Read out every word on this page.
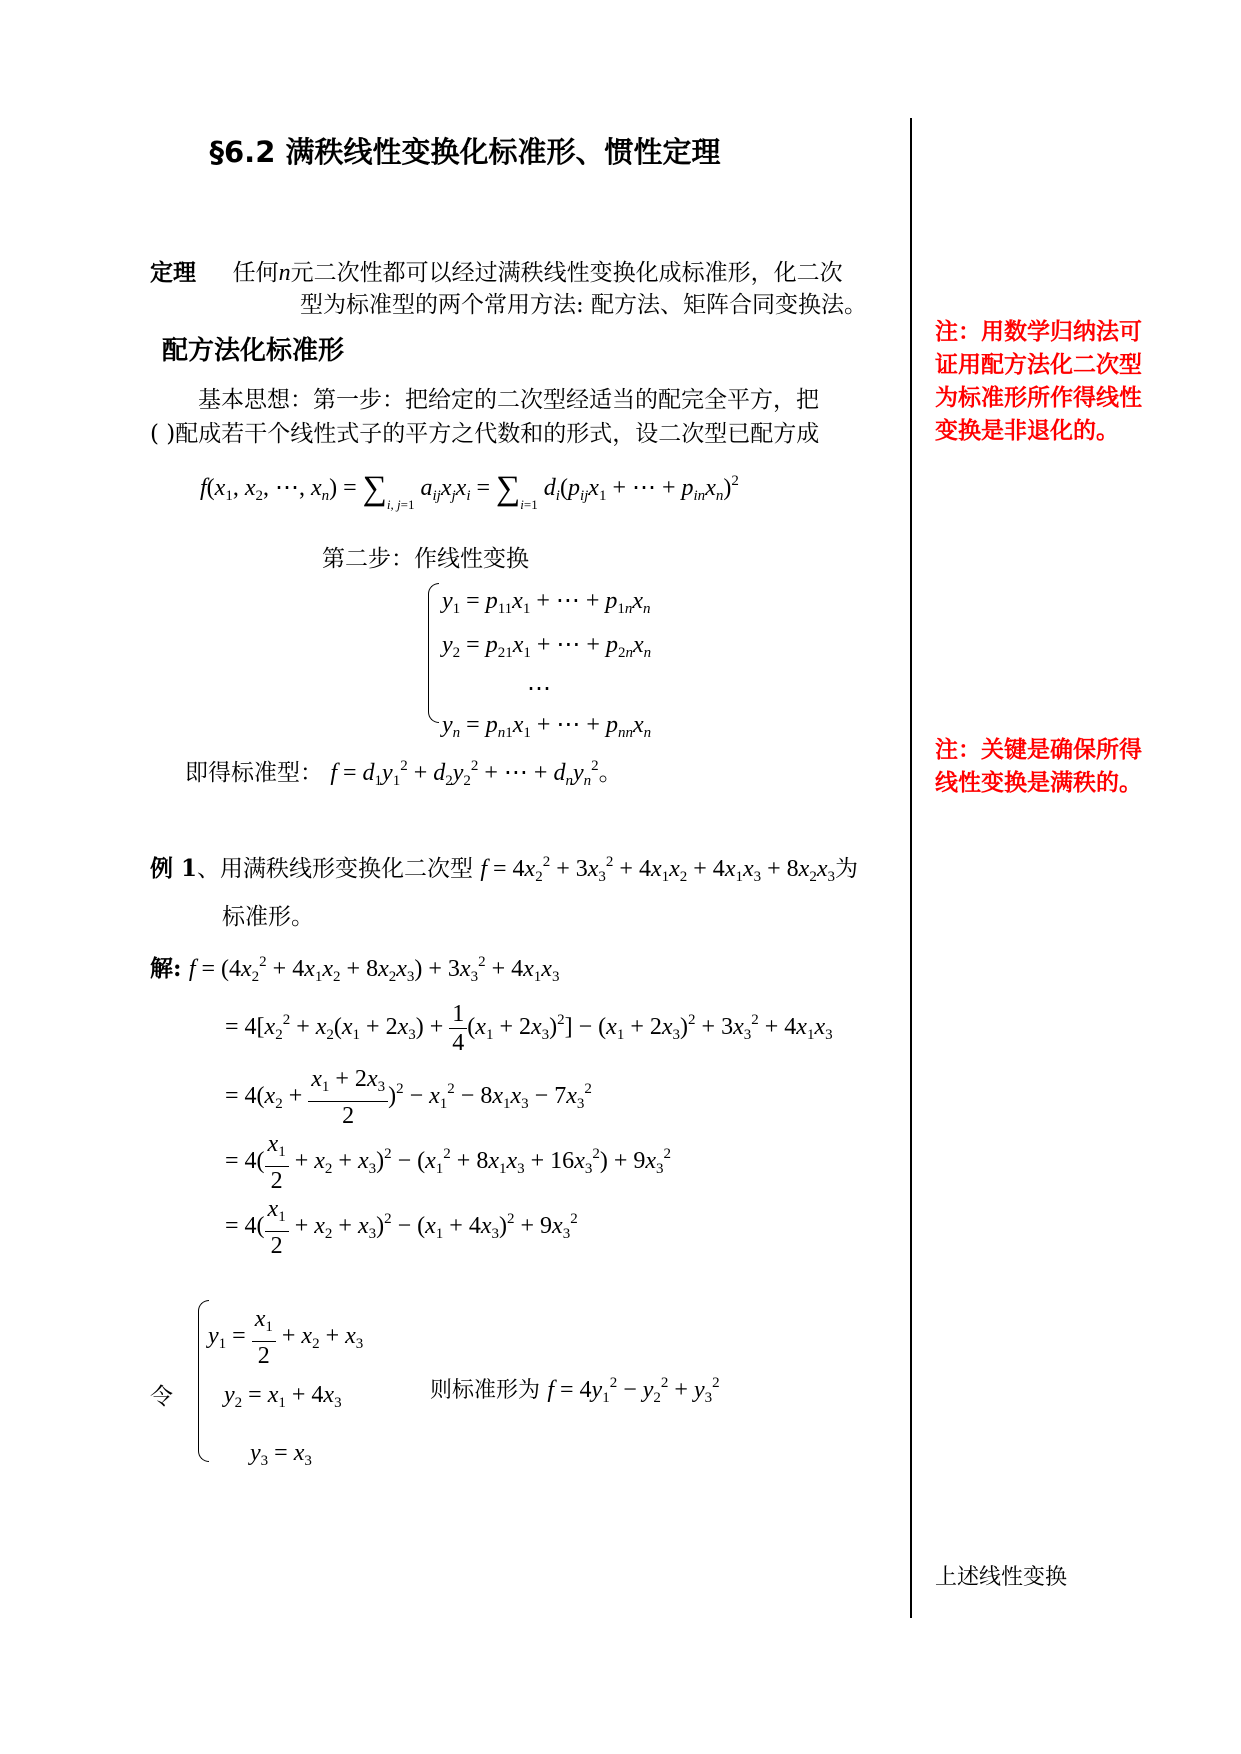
§6.2 满秩线性变换化标准形、惯性定理
定理 任何n元二次性都可以经过满秩线性变换化成标准形，化二次
型为标准型的两个常用方法: 配方法、矩阵合同变换法。
配方法化标准形
基本思想：第一步：把给定的二次型经适当的配完全平方，把
( )配成若干个线性式子的平方之代数和的形式，设二次型已配方成
$f(x_1$, $x_2$, ⋯, $x_n) = \sum_{i, j=1}$ $a_{ij}x_jx_i = \sum_{i=1}$ $d_i(p_{ij}x_1$ + ⋯ + $p_{in}x_n)^2$
第二步：作线性变换
$y_1 = p_{11}x_1$ + ⋯ + $p_{1n}x_n$
$y_2 = p_{21}x_1$ + ⋯ + $p_{2n}x_n$
⋯
$y_n = p_{n1}x_1$ + ⋯ + $p_{nn}x_n$
即得标准型： $f = d_1y_1^2 + d_2y_2^2$ + ⋯ + $d_ny_n^2$。
例 1、用满秩线形变换化二次型 $f = 4x_2^2 + 3x_3^2 + 4x_1x_2 + 4x_1x_3 + 8x_2x_3$为
标准形。
解: $f = (4x_2^2 + 4x_1x_2 + 8x_2x_3) + 3x_3^2 + 4x_1x_3$
= $4[x_2^2 + x_2(x_1 + 2x_3) + \frac{1}{4} (x_1 + 2x_3)^2] - (x_1 + 2x_3)^2 + 3x_3^2 + 4x_1x_3$
= $4(x_2 + \frac{x_1 + 2x_3}{2} )^2 - x_1^2 - 8x_1x_3 - 7x_3^2$
= $4( \frac{x_1}{2} + x_2 + x_3)^2 - (x_1^2 + 8x_1x_3 + 16x_3^2) + 9x_3^2$
= $4( \frac{x_1}{2} + x_2 + x_3)^2 - (x_1 + 4x_3)^2 + 9x_3^2$
令
$y_1 = \frac{x_1}{2} + x_2 + x_3$
$y_2 = x_1 + 4x_3$
$y_3 = x_3$
则标准形为 $f = 4y_1^2 - y_2^2 + y_3^2$
注：用数学归纳法可证用配方法化二次型为标准形所作得线性变换是非退化的。
注：关键是确保所得线性变换是满秩的。
上述线性变换
